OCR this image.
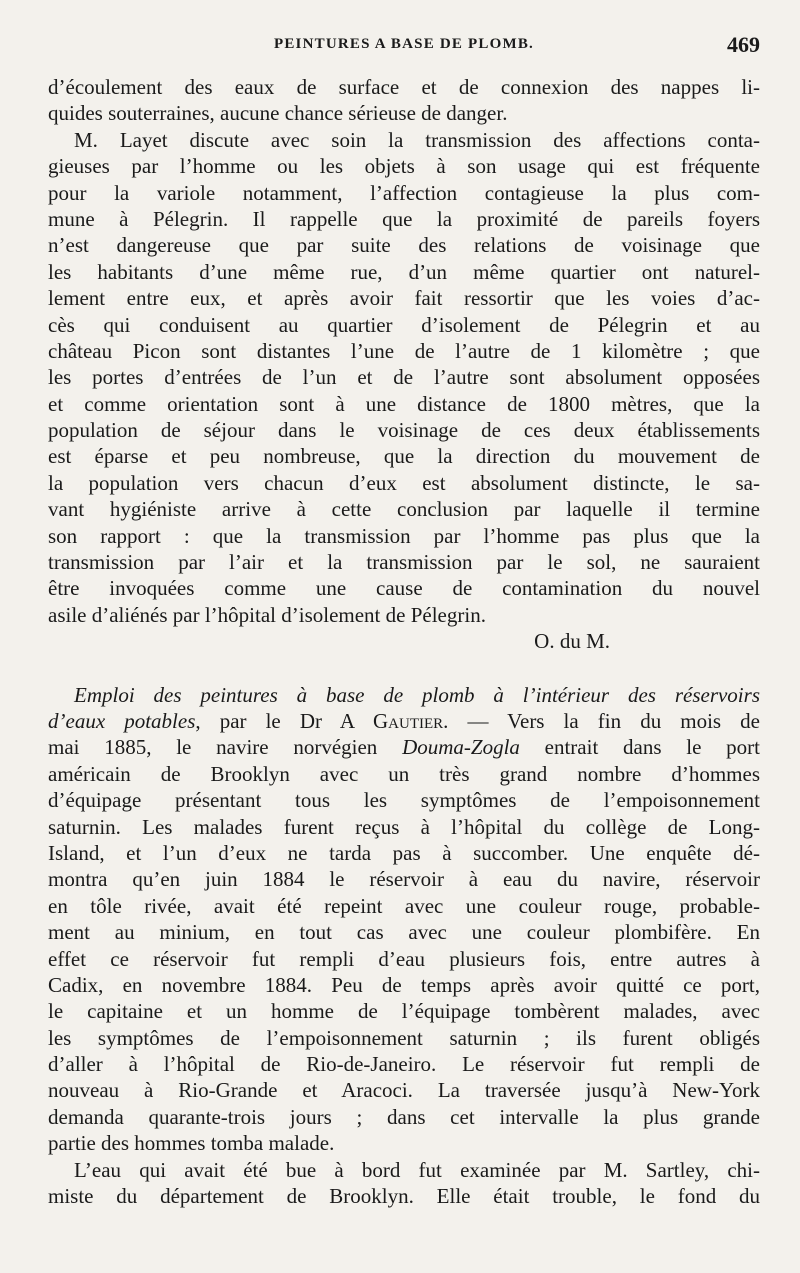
PEINTURES A BASE DE PLOMB.	469
d’écoulement des eaux de surface et de connexion des nappes li-
quides souterraines, aucune chance sérieuse de danger.
M. Layet discute avec soin la transmission des affections conta-
gieuses par l’homme ou les objets à son usage qui est fréquente
pour la variole notamment, l’affection contagieuse la plus com-
mune à Pélegrin. Il rappelle que la proximité de pareils foyers
n’est dangereuse que par suite des relations de voisinage que
les habitants d’une même rue, d’un même quartier ont naturel-
lement entre eux, et après avoir fait ressortir que les voies d’ac-
cès qui conduisent au quartier d’isolement de Pélegrin et au
château Picon sont distantes l’une de l’autre de 1 kilomètre ; que
les portes d’entrées de l’un et de l’autre sont absolument opposées
et comme orientation sont à une distance de 1800 mètres, que la
population de séjour dans le voisinage de ces deux établissements
est éparse et peu nombreuse, que la direction du mouvement de
la population vers chacun d’eux est absolument distincte, le sa-
vant hygiéniste arrive à cette conclusion par laquelle il termine
son rapport : que la transmission par l’homme pas plus que la
transmission par l’air et la transmission par le sol, ne sauraient
être invoquées comme une cause de contamination du nouvel
asile d’aliénés par l’hôpital d’isolement de Pélegrin.
O. du M.
Emploi des peintures à base de plomb à l’intérieur des réservoirs
d’eaux potables, par le Dr A Gautier. — Vers la fin du mois de
mai 1885, le navire norvégien Douma-Zogla entrait dans le port
américain de Brooklyn avec un très grand nombre d’hommes
d’équipage présentant tous les symptômes de l’empoisonnement
saturnin. Les malades furent reçus à l’hôpital du collège de Long-
Island, et l’un d’eux ne tarda pas à succomber. Une enquête dé-
montra qu’en juin 1884 le réservoir à eau du navire, réservoir
en tôle rivée, avait été repeint avec une couleur rouge, probable-
ment au minium, en tout cas avec une couleur plombifère. En
effet ce réservoir fut rempli d’eau plusieurs fois, entre autres à
Cadix, en novembre 1884. Peu de temps après avoir quitté ce port,
le capitaine et un homme de l’équipage tombèrent malades, avec
les symptômes de l’empoisonnement saturnin ; ils furent obligés
d’aller à l’hôpital de Rio-de-Janeiro. Le réservoir fut rempli de
nouveau à Rio-Grande et Aracoci. La traversée jusqu’à New-York
demanda quarante-trois jours ; dans cet intervalle la plus grande
partie des hommes tomba malade.
L’eau qui avait été bue à bord fut examinée par M. Sartley, chi-
miste du département de Brooklyn. Elle était trouble, le fond du
